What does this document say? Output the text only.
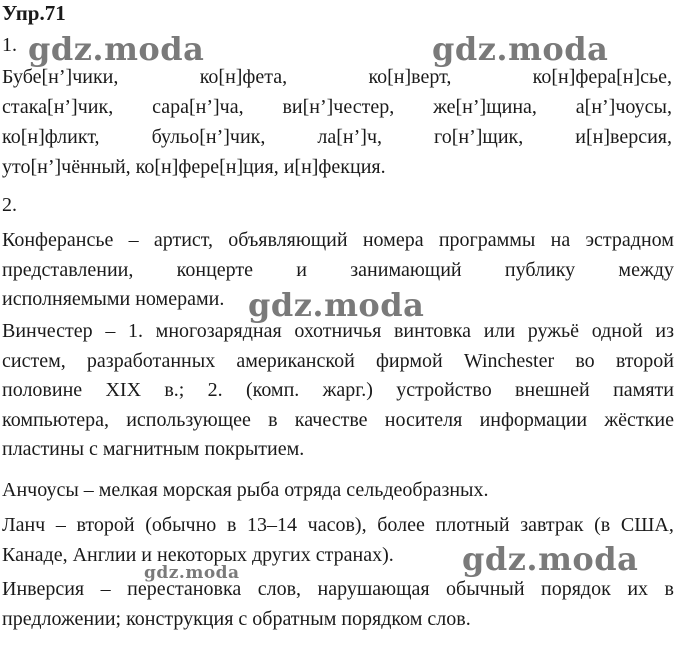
Упр.71
1.
Бубе[н’]чики,	ко[н]фета,	ко[н]верт,	ко[н]фера[н]сье,
стака[н’]чик, сара[н’]ча, ви[н’]честер, же[н’]щина, а[н’]чоусы,
ко[н]фликт,	бульо[н’]чик,	ла[н’]ч,	го[н’]щик,	и[н]версия,
уто[н’]чённый, ко[н]фере[н]ция, и[н]фекция.
2.
Конферансье – артист, объявляющий номера программы на эстрадном
представлении, концерте и занимающий публику между
исполняемыми номерами.
Винчестер – 1. многозарядная охотничья винтовка или ружьё одной из
систем, разработанных американской фирмой Winchester во второй
половине XIX в.; 2. (комп. жарг.) устройство внешней памяти
компьютера, использующее в качестве носителя информации жёсткие
пластины с магнитным покрытием.
Анчоусы – мелкая морская рыба отряда сельдеобразных.
Ланч – второй (обычно в 13–14 часов), более плотный завтрак (в США,
Канаде, Англии и некоторых других странах).
Инверсия – перестановка слов, нарушающая обычный порядок их в
предложении; конструкция с обратным порядком слов.
gdz.moda	gdz.moda
gdz.moda
gdz.moda
gdz.moda
